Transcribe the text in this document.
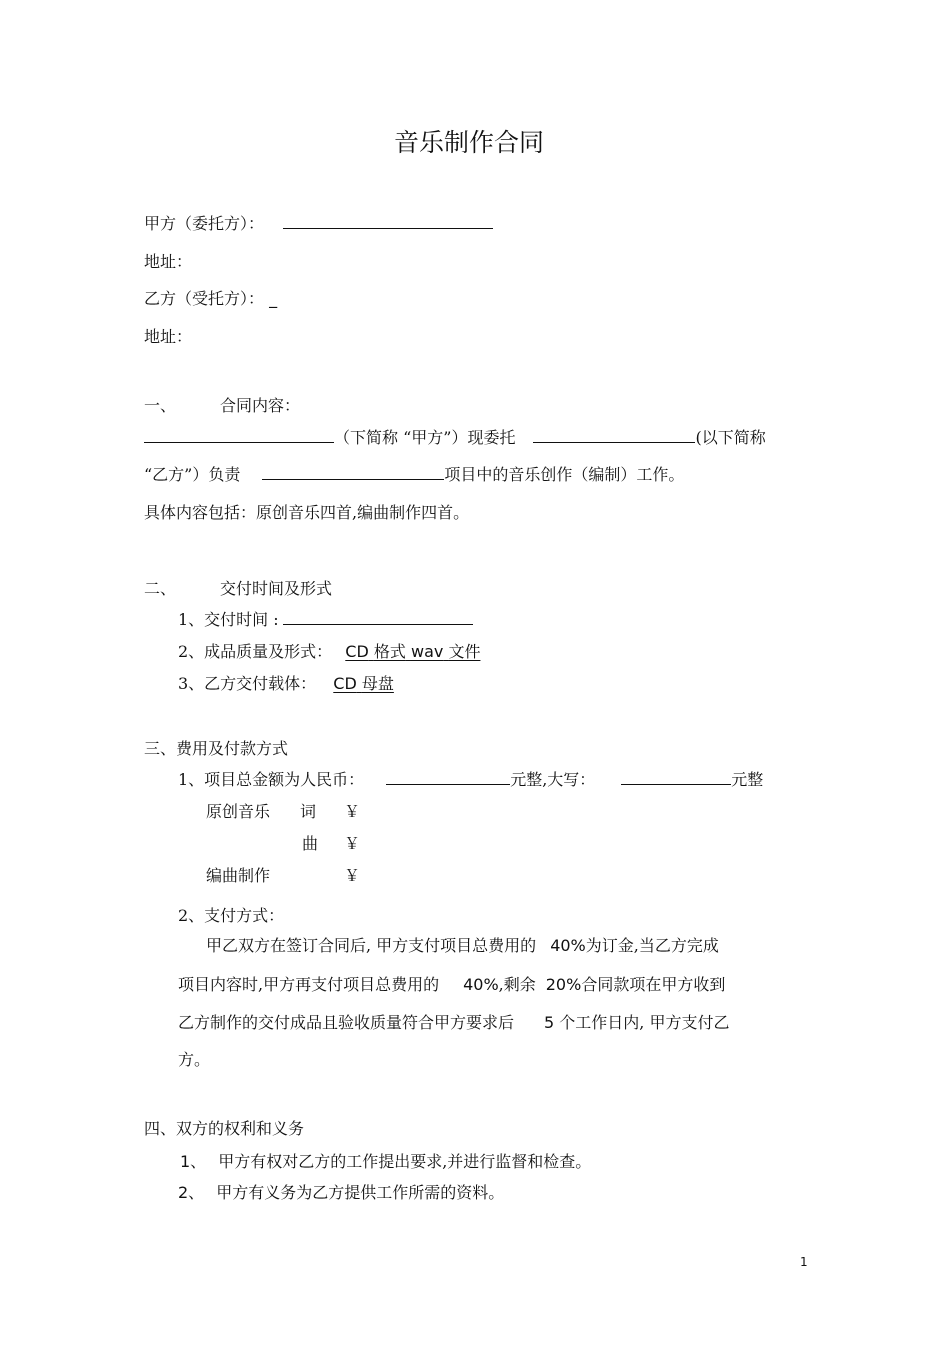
音乐制作合同
甲方（委托方）：
地址：
乙方（受托方）： _
地址：
一、	合同内容：
（下简称 “甲方”）现委托	(以下简称
“乙方”）负责	项目中的音乐创作（编制）工作。
具体内容包括：原创音乐四首,编曲制作四首。
二、	交付时间及形式
1、交付时间 :
2、成品质量及形式： CD 格式 wav 文件
3、乙方交付载体： CD 母盘
三、费用及付款方式
1、项目总金额为人民币：	元整,大写：	元整
原创音乐 词 ￥
曲 ￥
编曲制作	￥
2、支付方式：
甲乙双方在签订合同后, 甲方支付项目总费用的 40%为订金,当乙方完成
项目内容时,甲方再支付项目总费用的 40%,剩余 20%合同款项在甲方收到
乙方制作的交付成品且验收质量符合甲方要求后 5 个工作日内, 甲方支付乙
方。
四、双方的权利和义务
1、 甲方有权对乙方的工作提出要求,并进行监督和检查。
2、 甲方有义务为乙方提供工作所需的资料。
1
